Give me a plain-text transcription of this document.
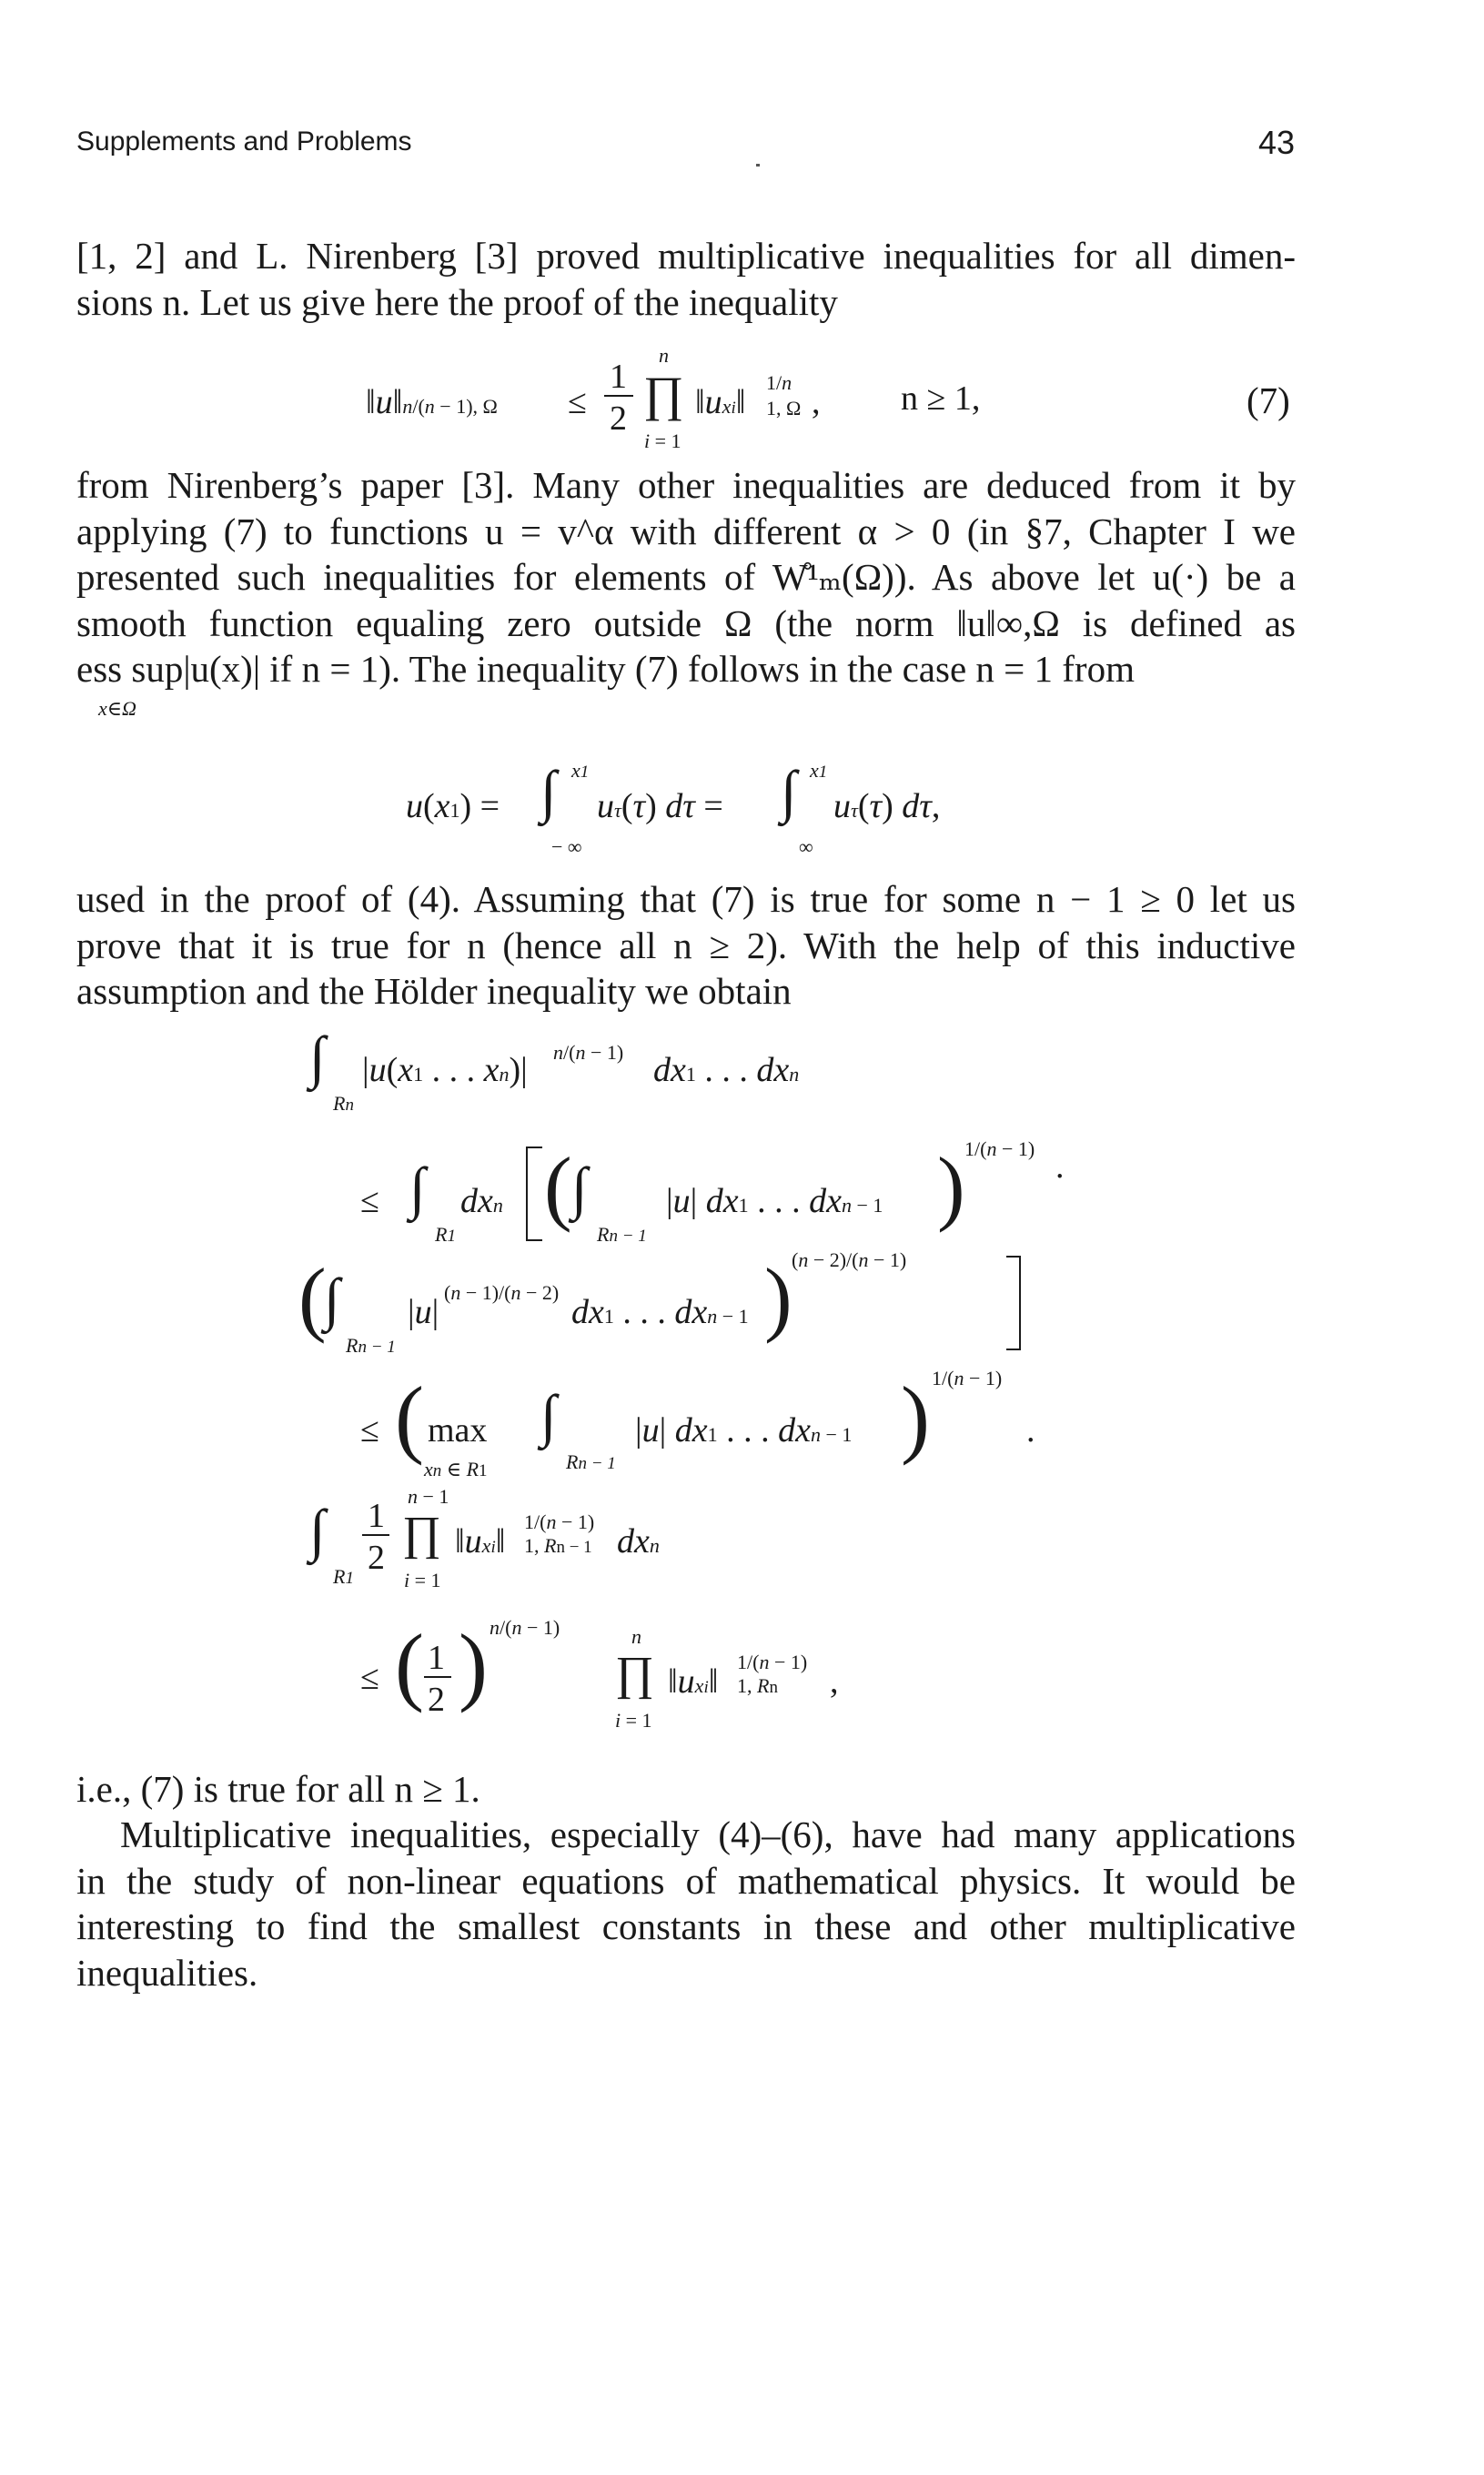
Supplements and Problems	43
[1, 2] and L. Nirenberg [3] proved multiplicative inequalities for all dimen-
sions n. Let us give here the proof of the inequality
‖u‖n/(n − 1), Ω ≤
1
2
n
∏
i = 1
‖uxi‖
1/n
1, Ω , n ≥ 1,	(7)
from Nirenberg’s paper [3]. Many other inequalities are deduced from it by
applying (7) to functions u = v^α with different α > 0 (in §7, Chapter I we
presented such inequalities for elements of W̊¹ₘ(Ω)). As above let u(·) be a
smooth function equaling zero outside Ω (the norm ‖u‖∞,Ω is defined as
ess sup|u(x)| if n = 1). The inequality (7) follows in the case n = 1 from
x∈Ω
u(x1) = ∫ x1
− ∞
uτ(τ) dτ = ∫ x1
∞
uτ(τ) dτ,
used in the proof of (4). Assuming that (7) is true for some n − 1 ≥ 0 let us
prove that it is true for n (hence all n ≥ 2). With the help of this inductive
assumption and the Hölder inequality we obtain
∫
Rn
|u(x1 . . . xn)| n/(n − 1) dx1 . . . dxn
≤ ∫
R1
dxn ( ∫
Rn − 1
|u| dx1 . . . dxn − 1 ) 1/(n − 1) .
(
∫
Rn − 1
|u|
(n − 1)/(n − 2)
dx1 . . . dxn − 1 ) (n − 2)/(n − 1)
≤ ( max
xn ∈ R1
∫
Rn − 1
|u| dx1 . . . dxn − 1 ) 1/(n − 1)
.
∫
R1
1
2
n − 1
∏
i = 1
‖uxi‖
1/(n − 1)
1, Rn − 1 dxn
≤ ( 1
2 ) n/(n − 1)	n
∏
i = 1
‖uxi‖
1/(n − 1)
1, Rn ,
i.e., (7) is true for all n ≥ 1.
Multiplicative inequalities, especially (4)–(6), have had many applications
in the study of non-linear equations of mathematical physics. It would be
interesting to find the smallest constants in these and other multiplicative
inequalities.
